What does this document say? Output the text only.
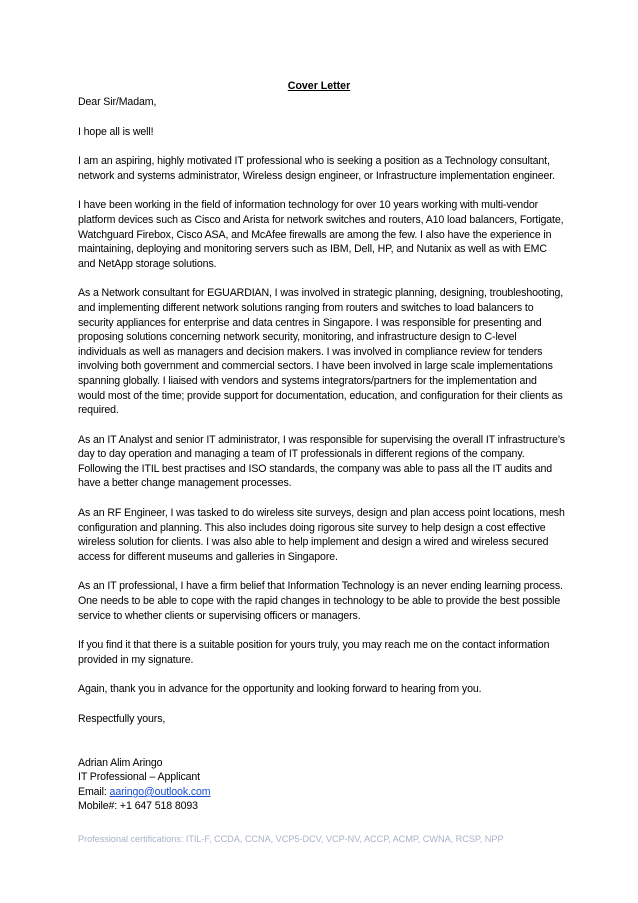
Cover Letter

Dear Sir/Madam,

I hope all is well!

I am an aspiring, highly motivated IT professional who is seeking a position as a Technology consultant, network and systems administrator, Wireless design engineer, or Infrastructure implementation engineer.

I have been working in the field of information technology for over 10 years working with multi-vendor platform devices such as Cisco and Arista for network switches and routers, A10 load balancers, Fortigate, Watchguard Firebox, Cisco ASA, and McAfee firewalls are among the few. I also have the experience in maintaining, deploying and monitoring servers such as IBM, Dell, HP, and Nutanix as well as with EMC and NetApp storage solutions.

As a Network consultant for EGUARDIAN, I was involved in strategic planning, designing, troubleshooting, and implementing different network solutions ranging from routers and switches to load balancers to security appliances for enterprise and data centres in Singapore. I was responsible for presenting and proposing solutions concerning network security, monitoring, and infrastructure design to C-level individuals as well as managers and decision makers. I was involved in compliance review for tenders involving both government and commercial sectors. I have been involved in large scale implementations spanning globally. I liaised with vendors and systems integrators/partners for the implementation and would most of the time; provide support for documentation, education, and configuration for their clients as required.

As an IT Analyst and senior IT administrator, I was responsible for supervising the overall IT infrastructure’s day to day operation and managing a team of IT professionals in different regions of the company. Following the ITIL best practises and ISO standards, the company was able to pass all the IT audits and have a better change management processes.

As an RF Engineer, I was tasked to do wireless site surveys, design and plan access point locations, mesh configuration and planning. This also includes doing rigorous site survey to help design a cost effective wireless solution for clients. I was also able to help implement and design a wired and wireless secured access for different museums and galleries in Singapore.

As an IT professional, I have a firm belief that Information Technology is an never ending learning process. One needs to be able to cope with the rapid changes in technology to be able to provide the best possible service to whether clients or supervising officers or managers.

If you find it that there is a suitable position for yours truly, you may reach me on the contact information provided in my signature.

Again, thank you in advance for the opportunity and looking forward to hearing from you.

Respectfully yours,

Adrian Alim Aringo
IT Professional – Applicant
Email: aaringo@outlook.com
Mobile#: +1 647 518 8093
Professional certifications: ITIL-F, CCDA, CCNA, VCP5-DCV, VCP-NV, ACCP, ACMP, CWNA, RCSP, NPP
